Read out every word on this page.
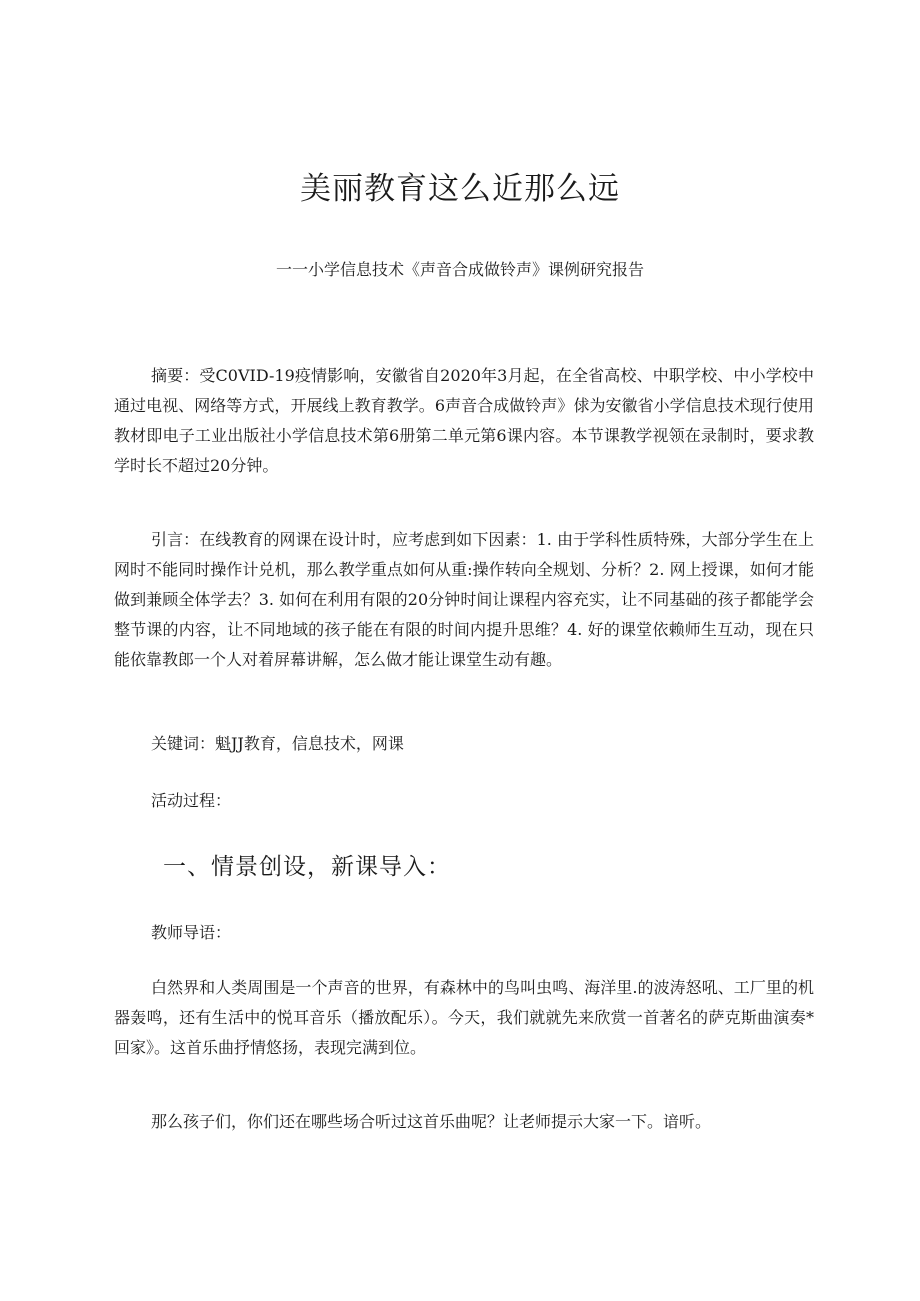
美丽教育这么近那么远

一一小学信息技术《声音合成做铃声》课例研究报告

摘要：受C0VID-19疫情影响，安徽省自2020年3月起，在全省高校、中职学校、中小学校中通过电视、网络等方式，开展线上教育教学。6声音合成做铃声》俅为安徽省小学信息技术现行使用教材即电子工业出版社小学信息技术第6册第二单元第6课内容。本节课教学视领在录制时，要求教学时长不超过20分钟。

引言：在线教育的网课在设计时，应考虑到如下因素：1. 由于学科性质特殊，大部分学生在上网时不能同时操作计兑机，那么教学重点如何从重:操作转向全规划、分析？2. 网上授课，如何才能做到兼顾全体学去？3. 如何在利用有限的20分钟时间让课程内容充实，让不同基础的孩子都能学会整节课的内容，让不同地域的孩子能在有限的时间内提升思维？4. 好的课堂依赖师生互动，现在只能依靠教郎一个人对着屏幕讲解，怎么做才能让课堂生动有趣。

关键词：魁JJ教育，信息技术，网课

活动过程：

一、情景创设，新课导入：

教师导语：

白然界和人类周围是一个声音的世界，有森林中的鸟叫虫鸣、海洋里.的波涛怒吼、工厂里的机器轰鸣，还有生活中的悦耳音乐（播放配乐）。今天，我们就就先来欣赏一首著名的萨克斯曲演奏*回家》。这首乐曲抒情悠扬，表现完满到位。

那么孩子们，你们还在哪些场合听过这首乐曲呢？让老师提示大家一下。谙听。
